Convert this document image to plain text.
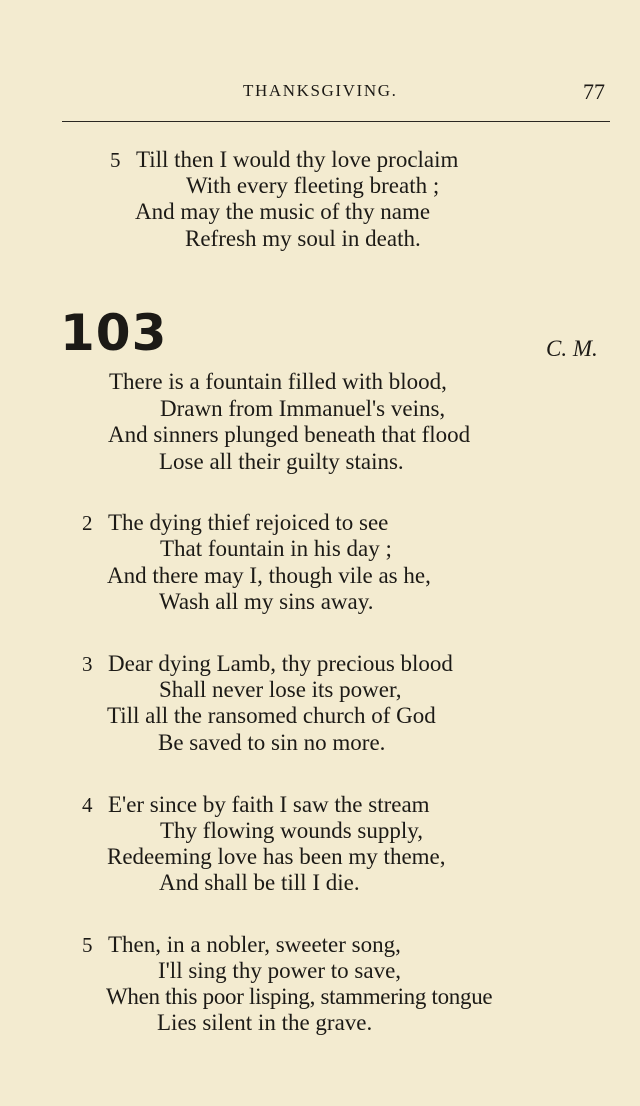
THANKSGIVING.	77
5 Till then I would thy love proclaim
With every fleeting breath ;
And may the music of thy name
Refresh my soul in death.
103	C. M.
There is a fountain filled with blood,
Drawn from Immanuel's veins,
And sinners plunged beneath that flood
Lose all their guilty stains.
2 The dying thief rejoiced to see
That fountain in his day ;
And there may I, though vile as he,
Wash all my sins away.
3 Dear dying Lamb, thy precious blood
Shall never lose its power,
Till all the ransomed church of God
Be saved to sin no more.
4 E'er since by faith I saw the stream
Thy flowing wounds supply,
Redeeming love has been my theme,
And shall be till I die.
5 Then, in a nobler, sweeter song,
I'll sing thy power to save,
When this poor lisping, stammering tongue
Lies silent in the grave.
